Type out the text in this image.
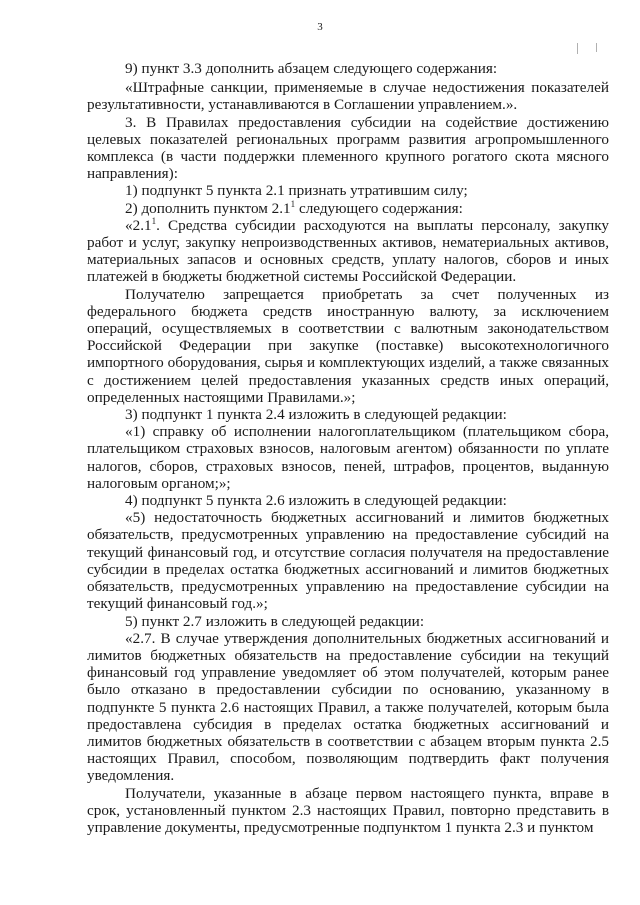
3

9) пункт 3.3 дополнить абзацем следующего содержания:

«Штрафные санкции, применяемые в случае недостижения показателей результативности, устанавливаются в Соглашении управлением.».

3. В Правилах предоставления субсидии на содействие достижению целевых показателей региональных программ развития агропромышленного комплекса (в части поддержки племенного крупного рогатого скота мясного направления):

1) подпункт 5 пункта 2.1 признать утратившим силу;

2) дополнить пунктом $2.1^1$ следующего содержания:

«$2.1^1$. Средства субсидии расходуются на выплаты персоналу, закупку работ и услуг, закупку непроизводственных активов, нематериальных активов, материальных запасов и основных средств, уплату налогов, сборов и иных платежей в бюджеты бюджетной системы Российской Федерации.

Получателю запрещается приобретать за счет полученных из федерального бюджета средств иностранную валюту, за исключением операций, осуществляемых в соответствии с валютным законодательством Российской Федерации при закупке (поставке) высокотехнологичного импортного оборудования, сырья и комплектующих изделий, а также связанных с достижением целей предоставления указанных средств иных операций, определенных настоящими Правилами.»;

3) подпункт 1 пункта 2.4 изложить в следующей редакции:

«1) справку об исполнении налогоплательщиком (плательщиком сбора, плательщиком страховых взносов, налоговым агентом) обязанности по уплате налогов, сборов, страховых взносов, пеней, штрафов, процентов, выданную налоговым органом;»;

4) подпункт 5 пункта 2.6 изложить в следующей редакции:

«5) недостаточность бюджетных ассигнований и лимитов бюджетных обязательств, предусмотренных управлению на предоставление субсидий на текущий финансовый год, и отсутствие согласия получателя на предоставление субсидии в пределах остатка бюджетных ассигнований и лимитов бюджетных обязательств, предусмотренных управлению на предоставление субсидии на текущий финансовый год.»;

5) пункт 2.7 изложить в следующей редакции:

«2.7. В случае утверждения дополнительных бюджетных ассигнований и лимитов бюджетных обязательств на предоставление субсидии на текущий финансовый год управление уведомляет об этом получателей, которым ранее было отказано в предоставлении субсидии по основанию, указанному в подпункте 5 пункта 2.6 настоящих Правил, а также получателей, которым была предоставлена субсидия в пределах остатка бюджетных ассигнований и лимитов бюджетных обязательств в соответствии с абзацем вторым пункта 2.5 настоящих Правил, способом, позволяющим подтвердить факт получения уведомления.

Получатели, указанные в абзаце первом настоящего пункта, вправе в срок, установленный пунктом 2.3 настоящих Правил, повторно представить в управление документы, предусмотренные подпунктом 1 пункта 2.3 и пунктом
